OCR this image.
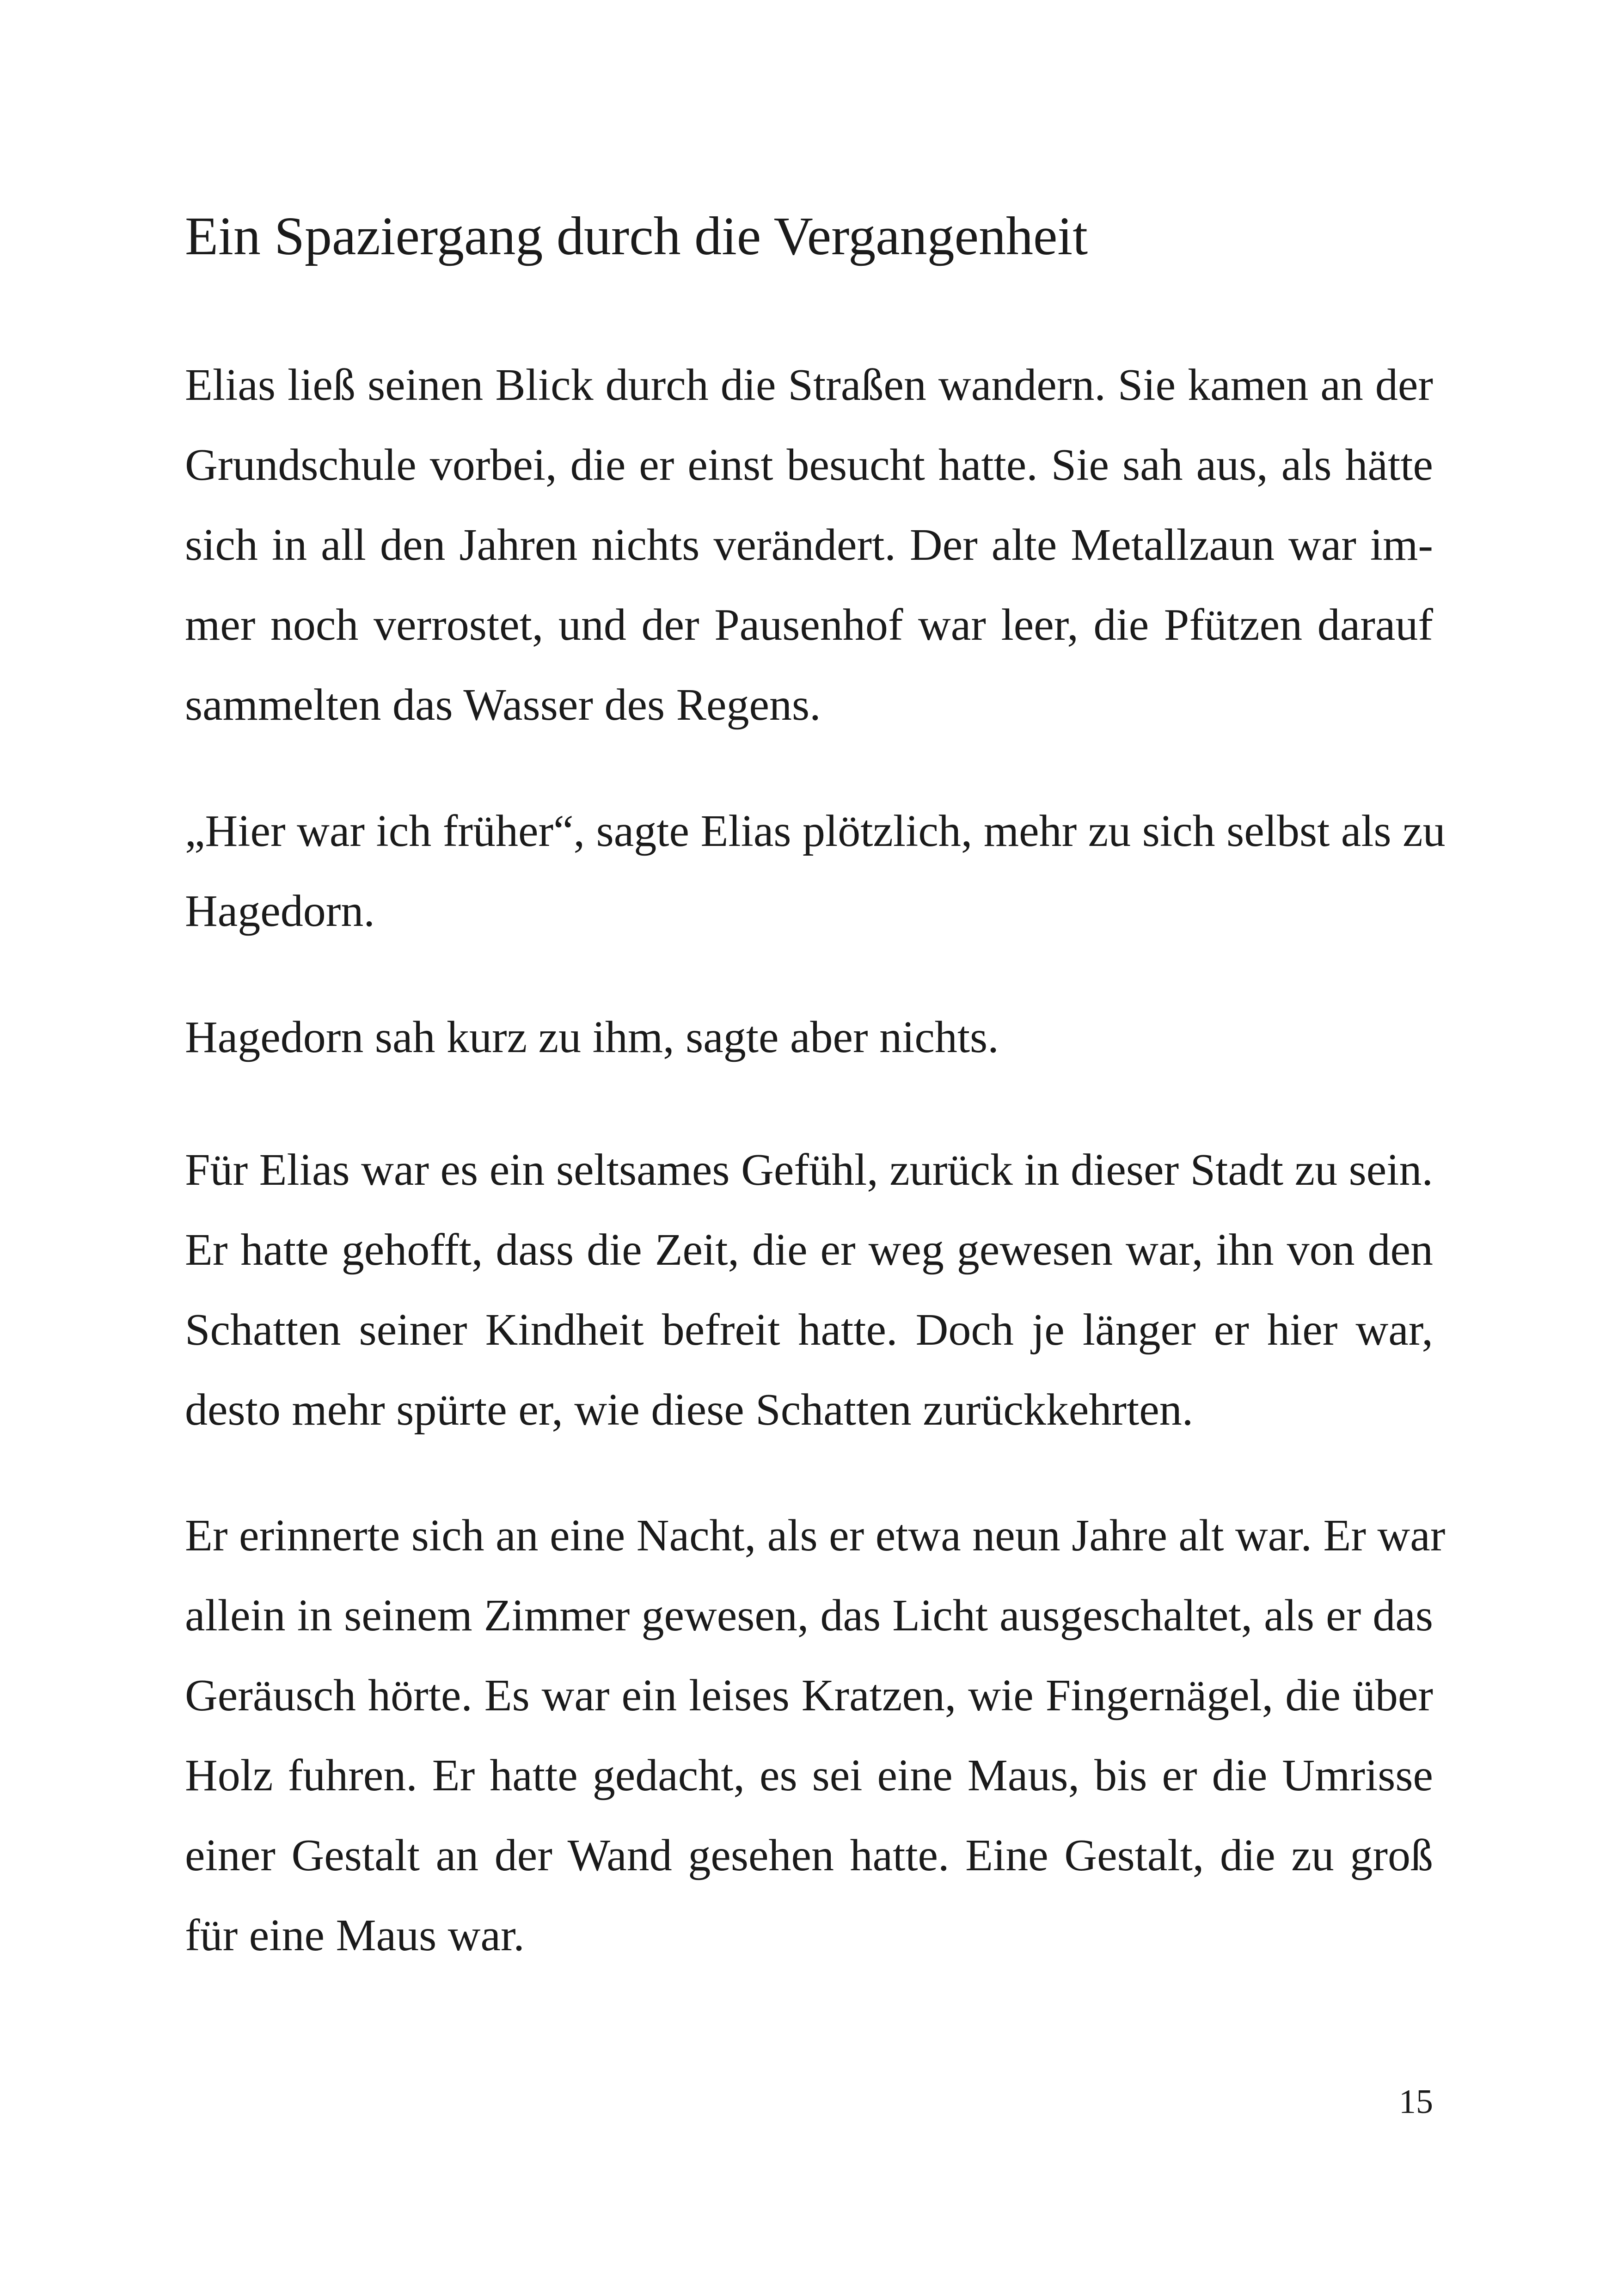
Ein Spaziergang durch die Vergangenheit
Elias ließ seinen Blick durch die Straßen wandern. Sie kamen an der
Grundschule vorbei, die er einst besucht hatte. Sie sah aus, als hätte
sich in all den Jahren nichts verändert. Der alte Metallzaun war im-
mer noch verrostet, und der Pausenhof war leer, die Pfützen darauf
sammelten das Wasser des Regens.
„Hier war ich früher“, sagte Elias plötzlich, mehr zu sich selbst als zu
Hagedorn.
Hagedorn sah kurz zu ihm, sagte aber nichts.
Für Elias war es ein seltsames Gefühl, zurück in dieser Stadt zu sein.
Er hatte gehofft, dass die Zeit, die er weg gewesen war, ihn von den
Schatten seiner Kindheit befreit hatte. Doch je länger er hier war,
desto mehr spürte er, wie diese Schatten zurückkehrten.
Er erinnerte sich an eine Nacht, als er etwa neun Jahre alt war. Er war
allein in seinem Zimmer gewesen, das Licht ausgeschaltet, als er das
Geräusch hörte. Es war ein leises Kratzen, wie Fingernägel, die über
Holz fuhren. Er hatte gedacht, es sei eine Maus, bis er die Umrisse
einer Gestalt an der Wand gesehen hatte. Eine Gestalt, die zu groß
für eine Maus war.
15
